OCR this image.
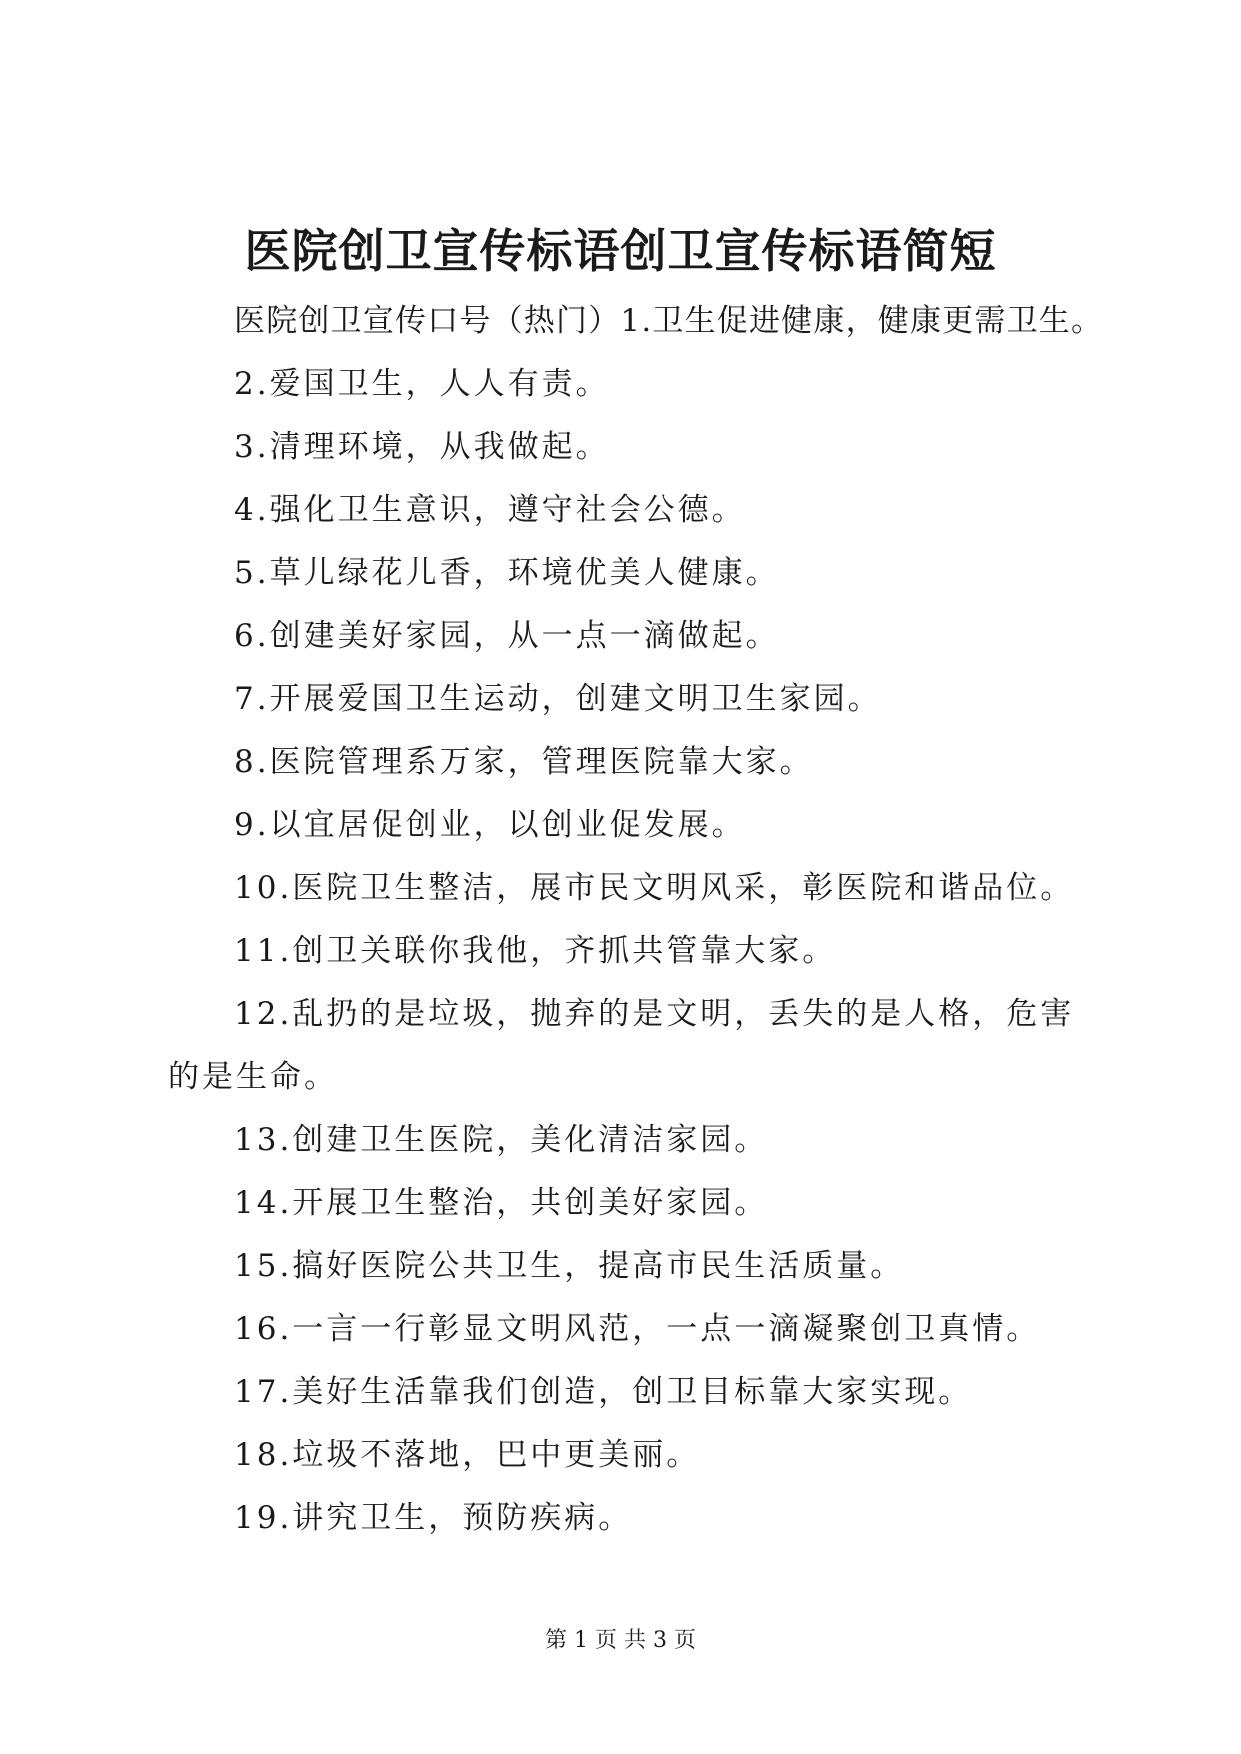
医院创卫宣传标语创卫宣传标语简短

医院创卫宣传口号（热门）1.卫生促进健康，健康更需卫生。

2.爱国卫生，人人有责。

3.清理环境，从我做起。

4.强化卫生意识，遵守社会公德。

5.草儿绿花儿香，环境优美人健康。

6.创建美好家园，从一点一滴做起。

7.开展爱国卫生运动，创建文明卫生家园。

8.医院管理系万家，管理医院靠大家。

9.以宜居促创业，以创业促发展。

10.医院卫生整洁，展市民文明风采，彰医院和谐品位。

11.创卫关联你我他，齐抓共管靠大家。

12.乱扔的是垃圾，抛弃的是文明，丢失的是人格，危害的是生命。

13.创建卫生医院，美化清洁家园。

14.开展卫生整治，共创美好家园。

15.搞好医院公共卫生，提高市民生活质量。

16.一言一行彰显文明风范，一点一滴凝聚创卫真情。

17.美好生活靠我们创造，创卫目标靠大家实现。

18.垃圾不落地，巴中更美丽。

19.讲究卫生，预防疾病。

第 1 页 共 3 页
